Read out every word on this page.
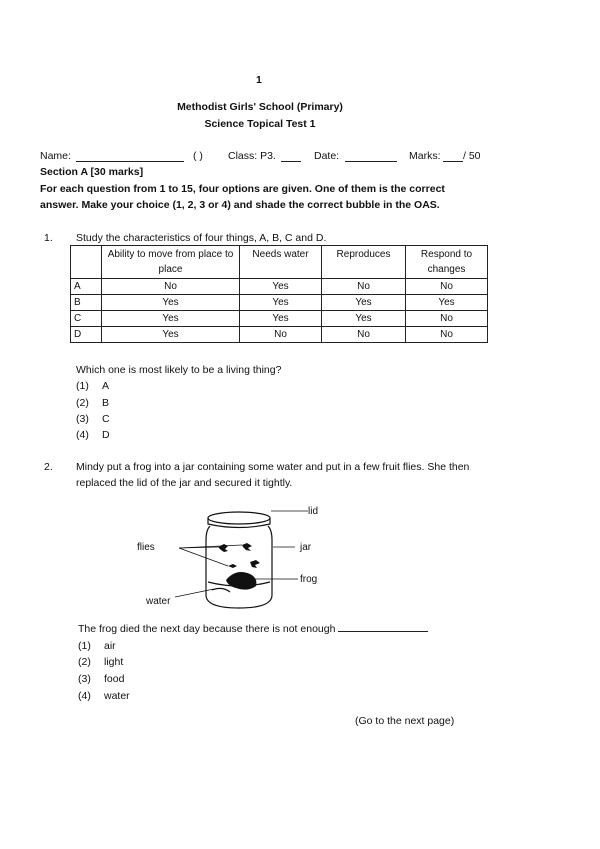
1
Methodist Girls' School (Primary)
Science Topical Test 1
Name:	( ) Class: P3.	Date:	Marks: / 50
Section A [30 marks]
For each question from 1 to 15, four options are given. One of them is the correct
answer. Make your choice (1, 2, 3 or 4) and shade the correct bubble in the OAS.
1. Study the characteristics of four things, A, B, C and D.
	Ability to move from place to place	Needs water	Reproduces	Respond to changes
A	No	Yes	No	No
B	Yes	Yes	Yes	Yes
C	Yes	Yes	Yes	No
D	Yes	No	No	No
Which one is most likely to be a living thing?
(1) A
(2) B
(3) C
(4) D
2. Mindy put a frog into a jar containing some water and put in a few fruit flies. She then
replaced the lid of the jar and secured it tightly.
lid
jar
frog
flies
water
The frog died the next day because there is not enough
(1) air
(2) light
(3) food
(4) water
(Go to the next page)
